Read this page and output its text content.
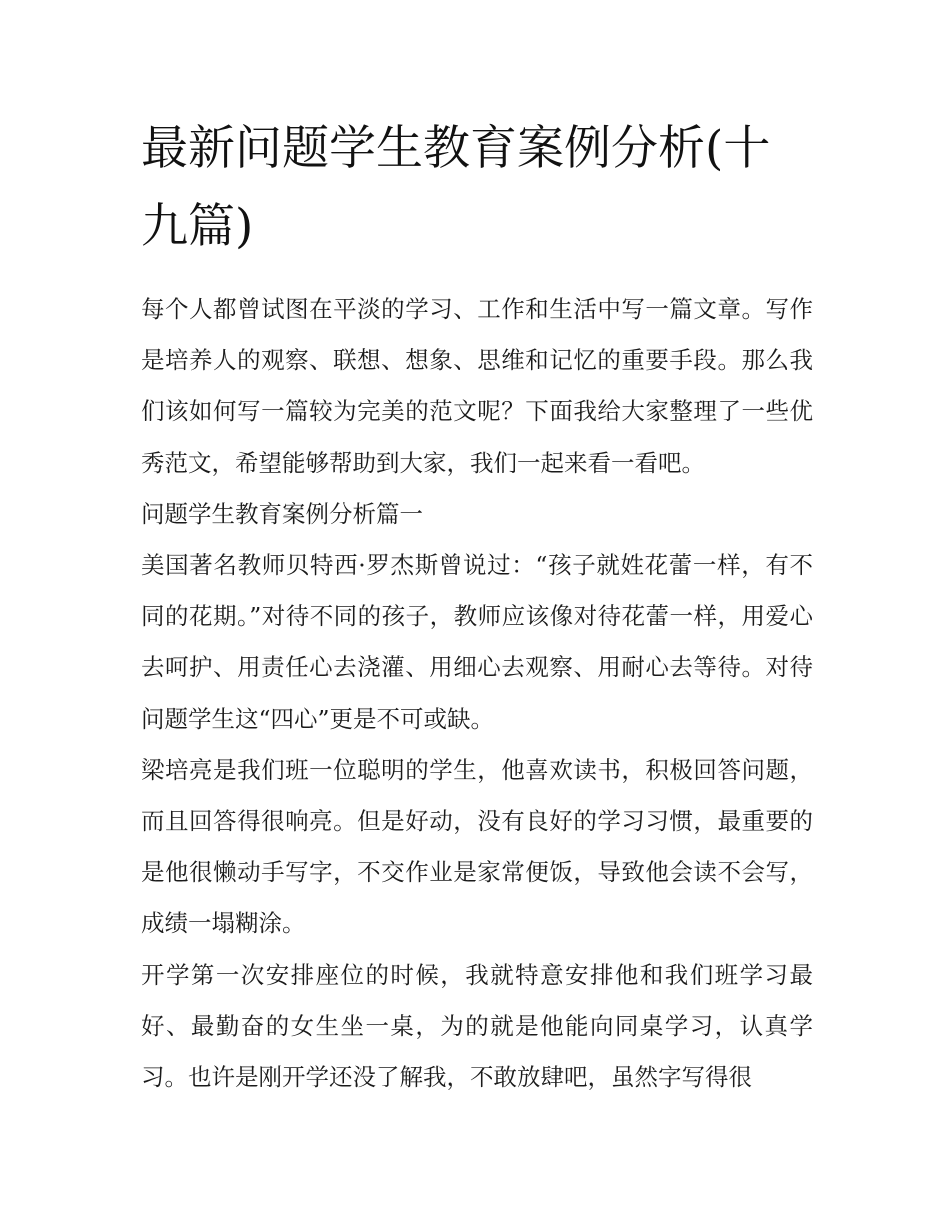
最新问题学生教育案例分析(十九篇)

每个人都曾试图在平淡的学习、工作和生活中写一篇文章。写作是培养人的观察、联想、想象、思维和记忆的重要手段。那么我们该如何写一篇较为完美的范文呢？下面我给大家整理了一些优秀范文，希望能够帮助到大家，我们一起来看一看吧。

问题学生教育案例分析篇一

美国著名教师贝特西·罗杰斯曾说过：“孩子就姓花蕾一样，有不同的花期。”对待不同的孩子，教师应该像对待花蕾一样，用爱心去呵护、用责任心去浇灌、用细心去观察、用耐心去等待。对待问题学生这“四心”更是不可或缺。

梁培亮是我们班一位聪明的学生，他喜欢读书，积极回答问题，而且回答得很响亮。但是好动，没有良好的学习习惯，最重要的是他很懒动手写字，不交作业是家常便饭，导致他会读不会写，成绩一塌糊涂。

开学第一次安排座位的时候，我就特意安排他和我们班学习最好、最勤奋的女生坐一桌，为的就是他能向同桌学习，认真学习。也许是刚开学还没了解我，不敢放肆吧，虽然字写得很
